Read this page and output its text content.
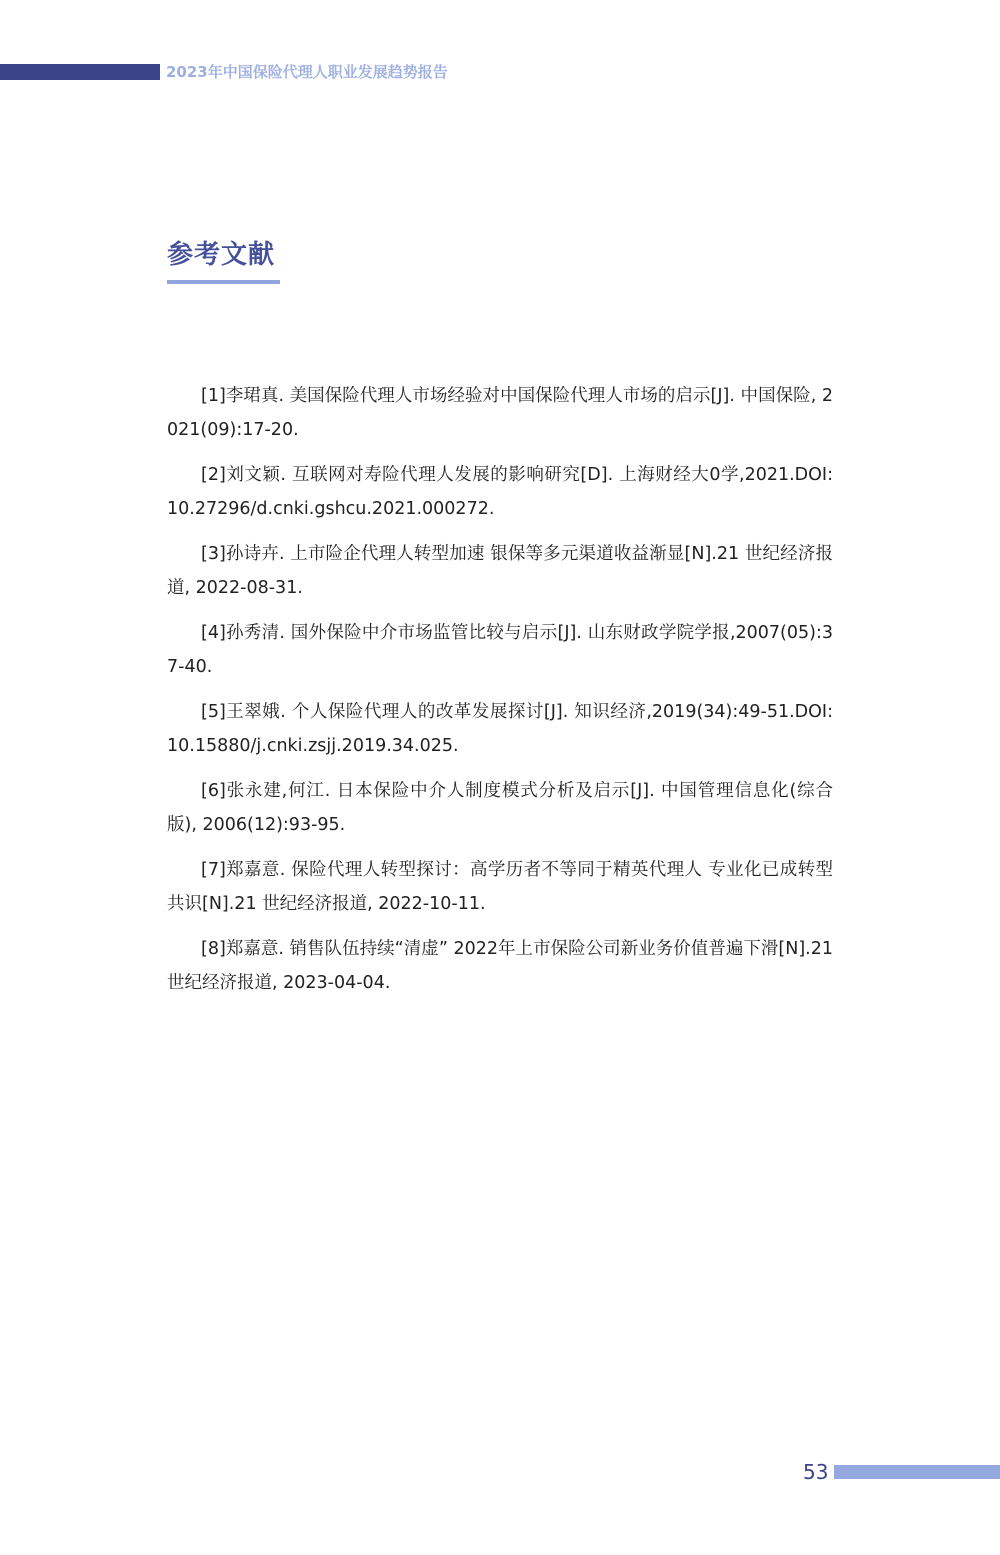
2023年中国保险代理人职业发展趋势报告
参考文献

[1]李珺真. 美国保险代理人市场经验对中国保险代理人市场的启示[J]. 中国保险, 2021(09):17-20.

[2]刘文颖. 互联网对寿险代理人发展的影响研究[D]. 上海财经大0学,2021.DOI: 10.27296/d.cnki.gshcu.2021.000272.

[3]孙诗卉. 上市险企代理人转型加速 银保等多元渠道收益渐显[N].21 世纪经济报道, 2022-08-31.

[4]孙秀清. 国外保险中介市场监管比较与启示[J]. 山东财政学院学报,2007(05):37-40.

[5]王翠娥. 个人保险代理人的改革发展探讨[J]. 知识经济,2019(34):49-51.DOI: 10.15880/j.cnki.zsjj.2019.34.025.

[6]张永建,何江. 日本保险中介人制度模式分析及启示[J]. 中国管理信息化(综合版), 2006(12):93-95.

[7]郑嘉意. 保险代理人转型探讨：高学历者不等同于精英代理人 专业化已成转型共识[N].21 世纪经济报道, 2022-10-11.

[8]郑嘉意. 销售队伍持续“清虚” 2022年上市保险公司新业务价值普遍下滑[N].21 世纪经济报道, 2023-04-04.

53
